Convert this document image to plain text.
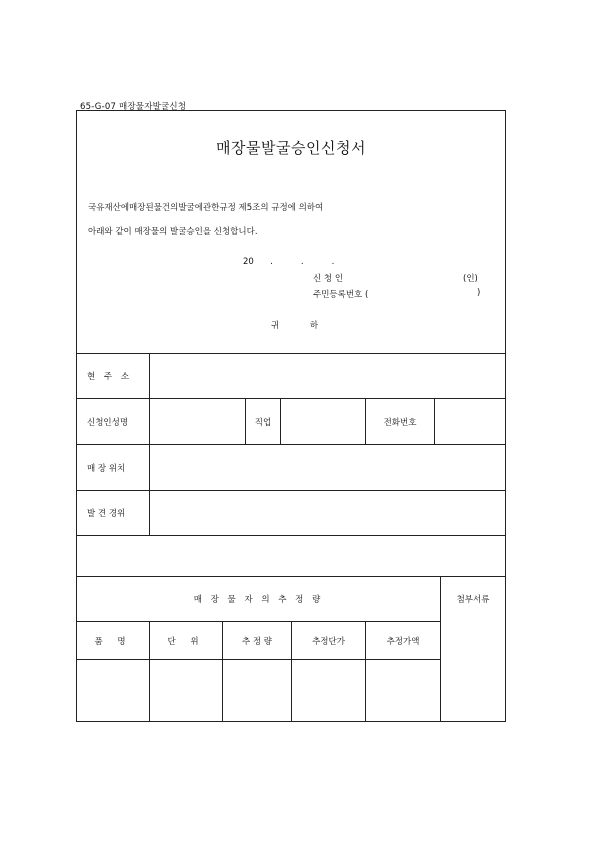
65-G-07 매장물자발굴신청
매장물발굴승인신청서
국유재산에매장된물건의발굴에관한규정 제5조의 규정에 의하여
아래와 같이 매장물의 발굴승인을 신청합니다.
20 .	.	.
신 청 인	(인)
주민등록번호 (	)
귀 하
현 주 소
신청인성명	직업	전화번호
매 장 위치
발 견 경위
매 장 물 자 의 추 정 량	첨부서류
품 명	단 위	추 정 량	추정단가	추정가액
